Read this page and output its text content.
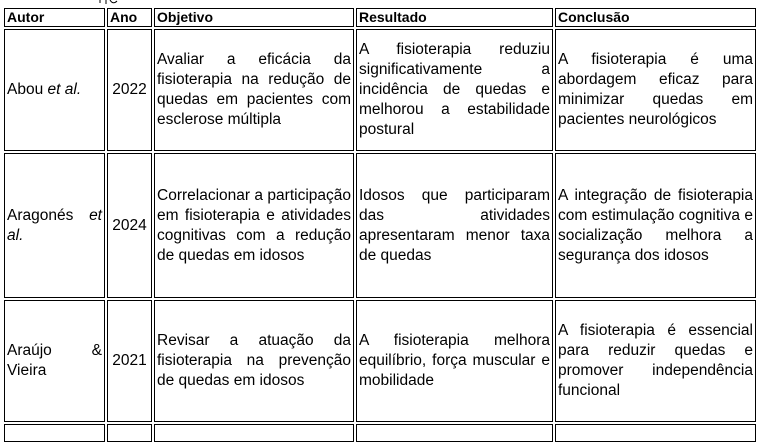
Autor	Ano	Objetivo	Resultado	Conclusão
Abou et al.	2022	Avaliar a eficácia da fisioterapia na redução de quedas em pacientes com esclerose múltipla	A fisioterapia reduziu significativamente a incidência de quedas e melhorou a estabilidade postural	A fisioterapia é uma abordagem eficaz para minimizar quedas em pacientes neurológicos
Aragonés et al.	2024	Correlacionar a participação em fisioterapia e atividades cognitivas com a redução de quedas em idosos	Idosos que participaram das atividades apresentaram menor taxa de quedas	A integração de fisioterapia com estimulação cognitiva e socialização melhora a segurança dos idosos
Araújo & Vieira	2021	Revisar a atuação da fisioterapia na prevenção de quedas em idosos	A fisioterapia melhora equilíbrio, força muscular e mobilidade	A fisioterapia é essencial para reduzir quedas e promover independência funcional
